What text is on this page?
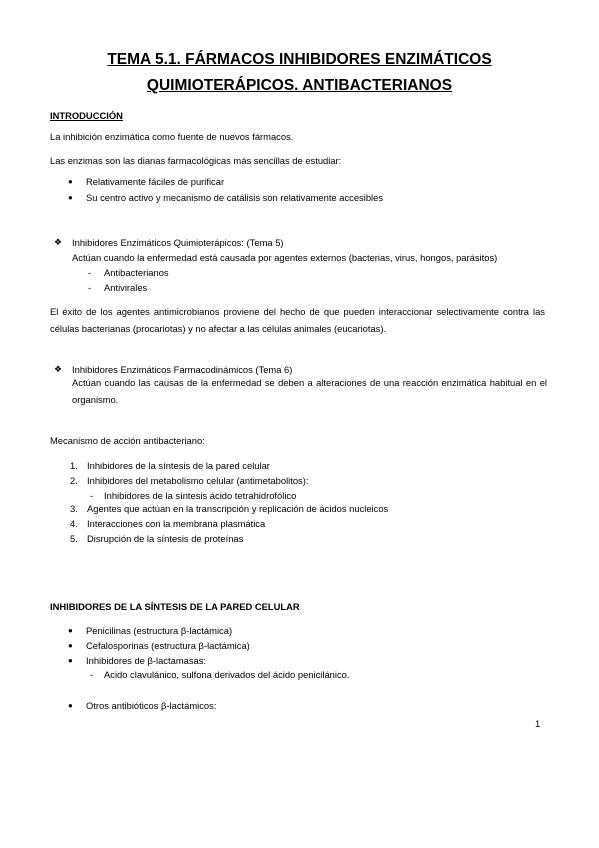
TEMA 5.1. FÁRMACOS INHIBIDORES ENZIMÁTICOS
QUIMIOTERÁPICOS. ANTIBACTERIANOS
INTRODUCCIÓN
La inhibición enzimática como fuente de nuevos fármacos.
Las enzimas son las dianas farmacológicas más sencillas de estudiar:
● Relativamente fáciles de purificar
● Su centro activo y mecanismo de catálisis son relativamente accesibles
❖ Inhibidores Enzimáticos Quimioterápicos: (Tema 5)
Actúan cuando la enfermedad está causada por agentes externos (bacterias, virus, hongos, parásitos)
- Antibacterianos
- Antivirales
El éxito de los agentes antimicrobianos proviene del hecho de que pueden interaccionar selectivamente contra las células bacterianas (procariotas) y no afectar a las células animales (eucariotas).
❖ Inhibidores Enzimáticos Farmacodinámicos (Tema 6)
Actúan cuando las causas de la enfermedad se deben a alteraciones de una reacción enzimática habitual en el organismo.
Mecanismo de acción antibacteriano:
1. Inhibidores de la síntesis de la pared celular
2. Inhibidores del metabolismo celular (antimetabolitos):
- Inhibidores de la síntesis ácido tetrahidrofólico
3. Agentes que actúan en la transcripción y replicación de ácidos nucleicos
4. Interacciones con la membrana plasmática
5. Disrupción de la síntesis de proteínas
INHIBIDORES DE LA SÍNTESIS DE LA PARED CELULAR
● Penicilinas (estructura β-lactámica)
● Cefalosporinas (estructura β-lactámica)
● Inhibidores de β-lactamasas:
- Acido clavulánico, sulfona derivados del ácido penicilánico.
● Otros antibióticos β-lactámicos:
1
